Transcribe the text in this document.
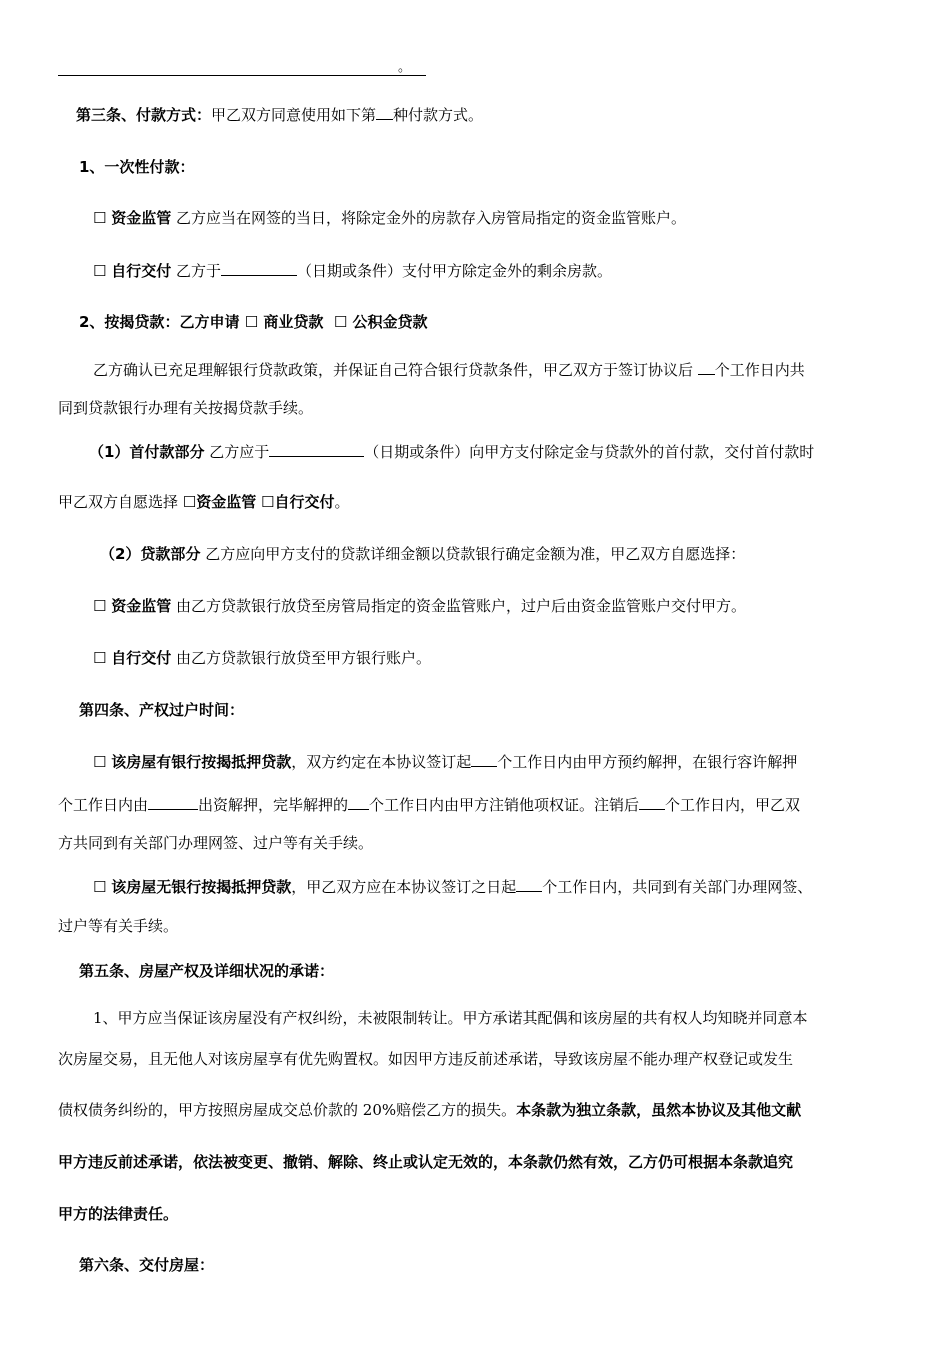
。
第三条、付款方式：甲乙双方同意使用如下第 种付款方式。
1、一次性付款：
☐ 资金监管 乙方应当在网签的当日，将除定金外的房款存入房管局指定的资金监管账户。
☐ 自行交付 乙方于	（日期或条件）支付甲方除定金外的剩余房款。
2、按揭贷款：乙方申请 ☐ 商业贷款 ☐ 公积金贷款
乙方确认已充足理解银行贷款政策，并保证自己符合银行贷款条件，甲乙双方于签订协议后 个工作日内共
同到贷款银行办理有关按揭贷款手续。
（1）首付款部分 乙方应于	（日期或条件）向甲方支付除定金与贷款外的首付款，交付首付款时
甲乙双方自愿选择 ☐资金监管 ☐自行交付。
（2）贷款部分 乙方应向甲方支付的贷款详细金额以贷款银行确定金额为准，甲乙双方自愿选择：
☐ 资金监管 由乙方贷款银行放贷至房管局指定的资金监管账户，过户后由资金监管账户交付甲方。
☐ 自行交付 由乙方贷款银行放贷至甲方银行账户。
第四条、产权过户时间：
☐ 该房屋有银行按揭抵押贷款，双方约定在本协议签订起 个工作日内由甲方预约解押，在银行容许解押
个工作日内由	出资解押，完毕解押的 个工作日内由甲方注销他项权证。注销后 个工作日内，甲乙双
方共同到有关部门办理网签、过户等有关手续。
☐ 该房屋无银行按揭抵押贷款，甲乙双方应在本协议签订之日起 个工作日内，共同到有关部门办理网签、
过户等有关手续。
第五条、房屋产权及详细状况的承诺：
1、甲方应当保证该房屋没有产权纠纷，未被限制转让。甲方承诺其配偶和该房屋的共有权人均知晓并同意本
次房屋交易，且无他人对该房屋享有优先购置权。如因甲方违反前述承诺，导致该房屋不能办理产权登记或发生
债权债务纠纷的，甲方按照房屋成交总价款的 20%赔偿乙方的损失。本条款为独立条款，虽然本协议及其他文献
甲方违反前述承诺，依法被变更、撤销、解除、终止或认定无效的，本条款仍然有效，乙方仍可根据本条款追究
甲方的法律责任。
第六条、交付房屋：
